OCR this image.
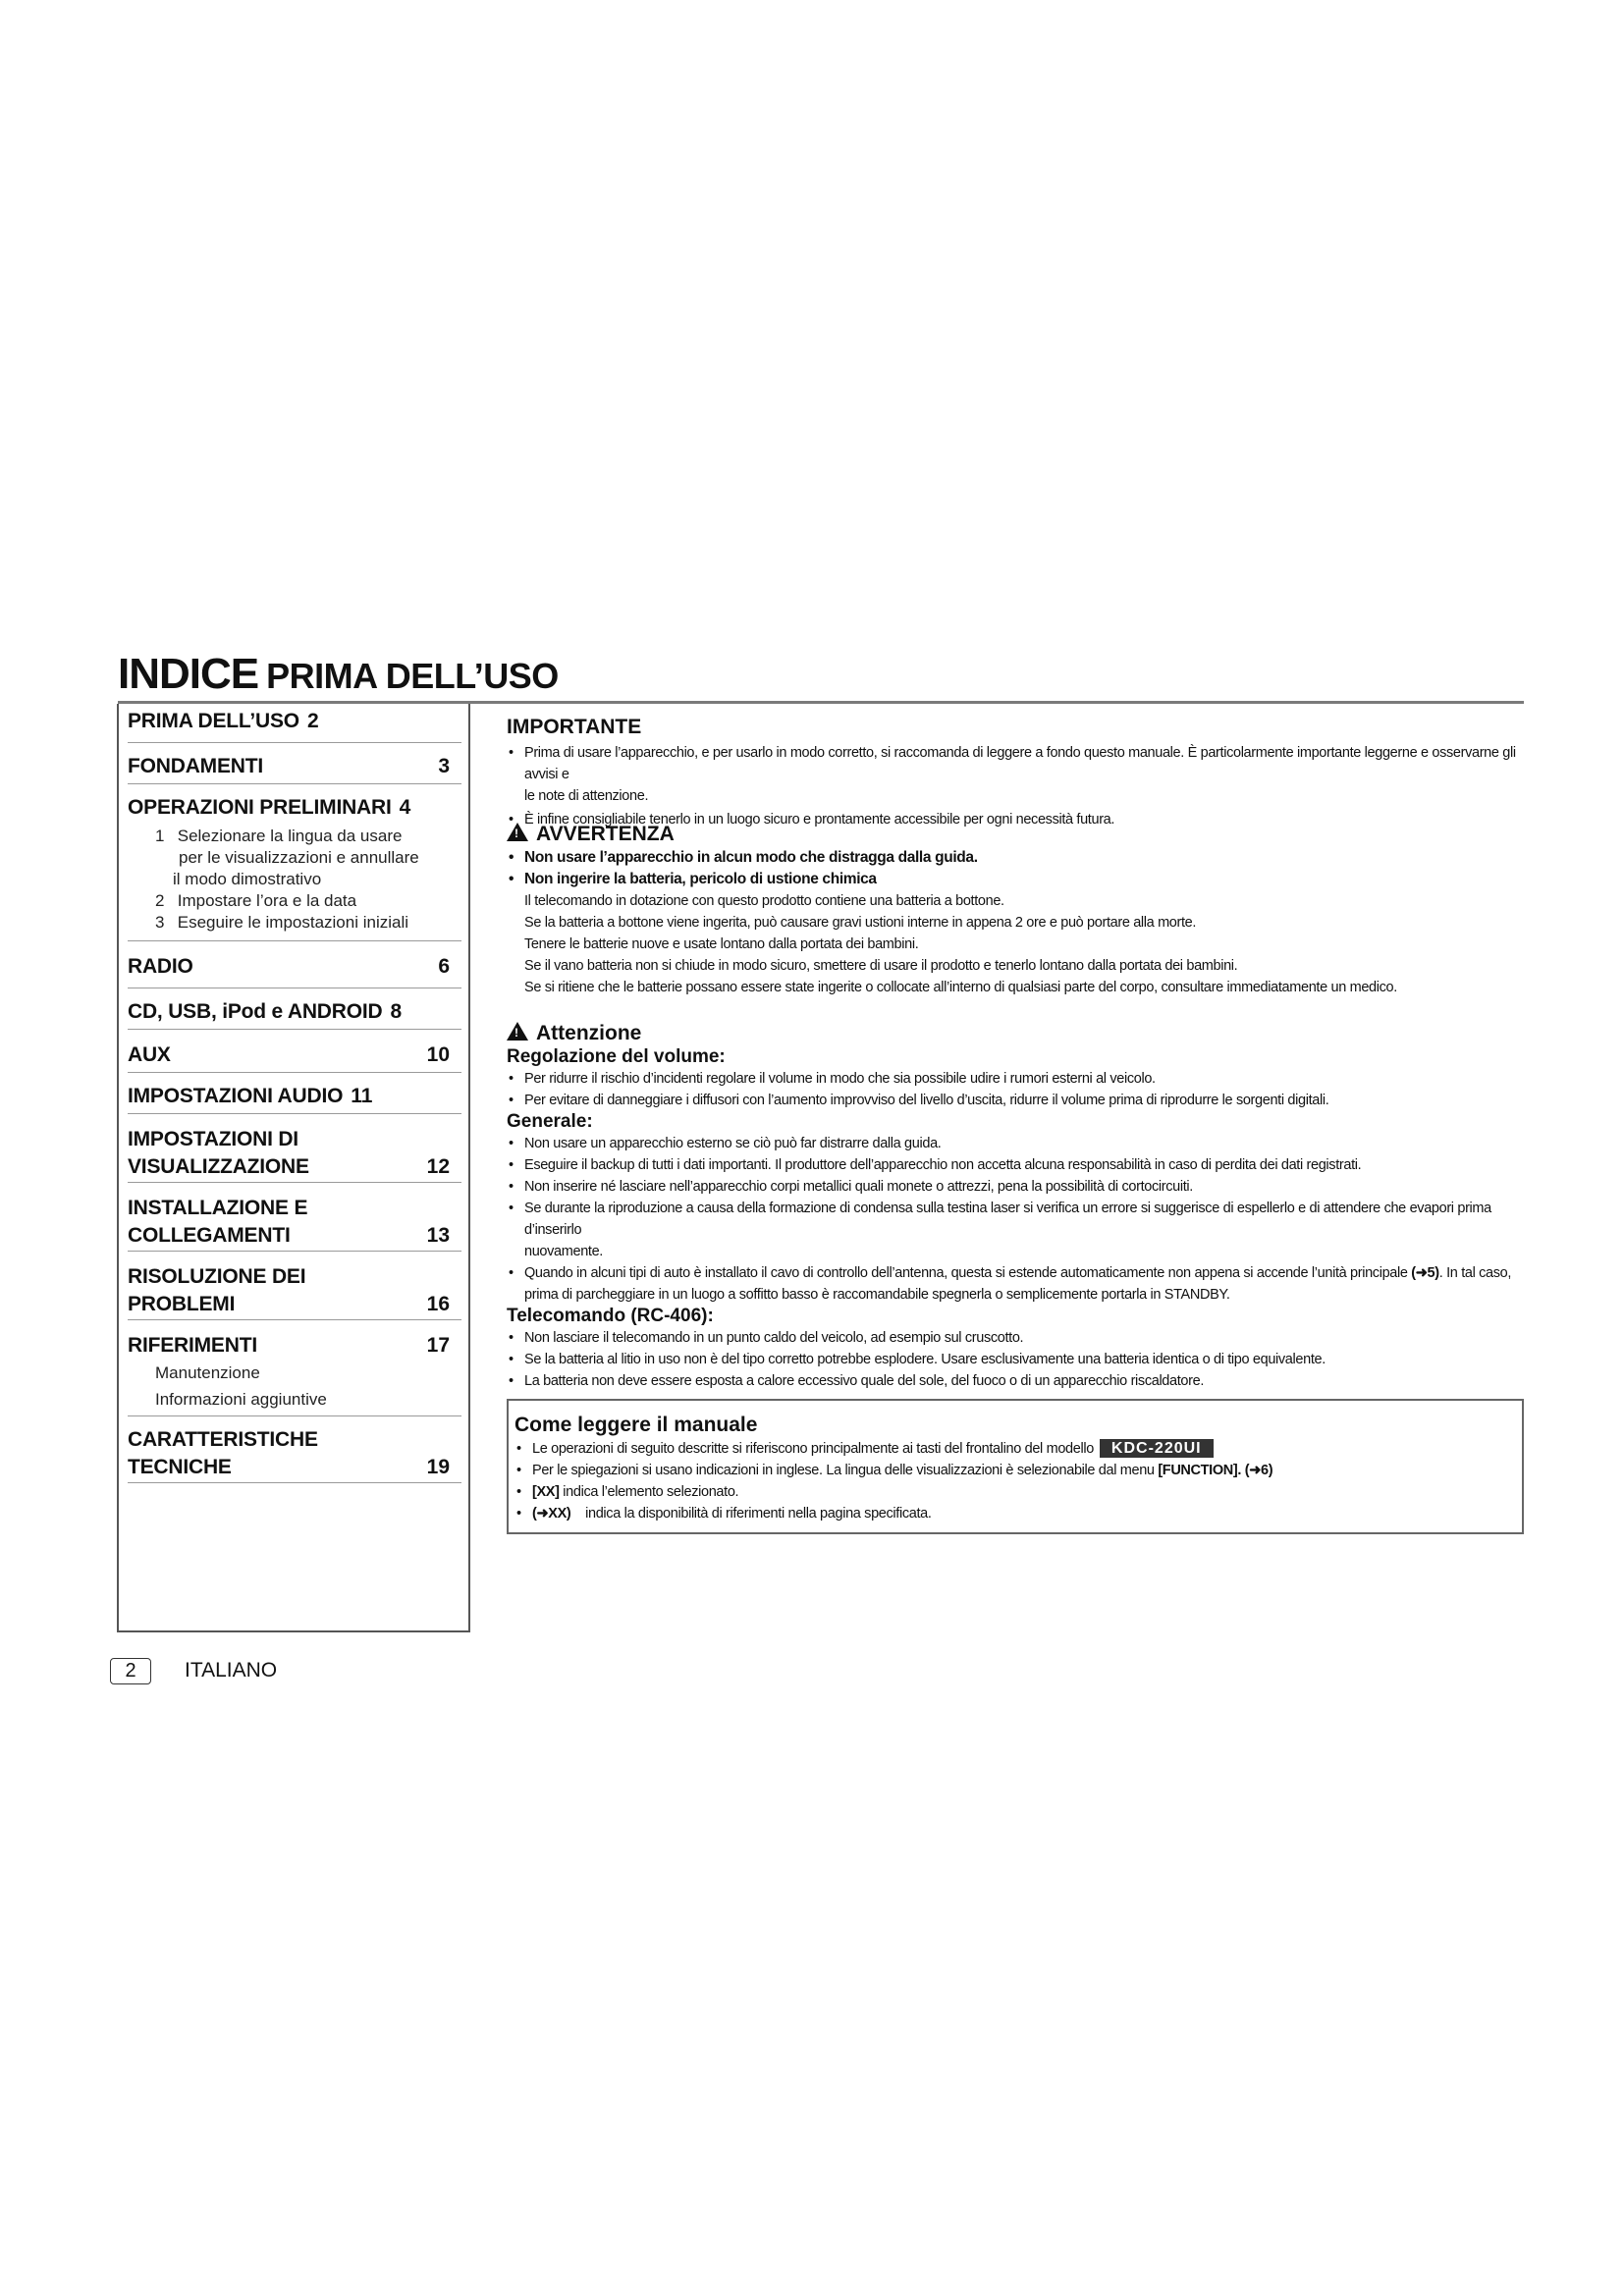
INDICE PRIMA DELL’USO
PRIMA DELL’USO 2
FONDAMENTI	3
OPERAZIONI PRELIMINARI 4
1 Selezionare la lingua da usare
per le visualizzazioni e annullare
il modo dimostrativo
2 Impostare l’ora e la data
3 Eseguire le impostazioni iniziali
RADIO	6
CD, USB, iPod e ANDROID 8
AUX	10
IMPOSTAZIONI AUDIO 11
IMPOSTAZIONI DI
VISUALIZZAZIONE	12
INSTALLAZIONE E
COLLEGAMENTI	13
RISOLUZIONE DEI
PROBLEMI	16
RIFERIMENTI	17
Manutenzione
Informazioni aggiuntive
CARATTERISTICHE
TECNICHE	19
IMPORTANTE
• Prima di usare l’apparecchio, e per usarlo in modo corretto, si raccomanda di leggere a fondo questo manuale. È particolarmente importante leggerne e osservarne gli avvisi e
le note di attenzione.
• È infine consigliabile tenerlo in un luogo sicuro e prontamente accessibile per ogni necessità futura.
!AVVERTENZA
• Non usare l’apparecchio in alcun modo che distragga dalla guida.
• Non ingerire la batteria, pericolo di ustione chimica
Il telecomando in dotazione con questo prodotto contiene una batteria a bottone.
Se la batteria a bottone viene ingerita, può causare gravi ustioni interne in appena 2 ore e può portare alla morte.
Tenere le batterie nuove e usate lontano dalla portata dei bambini.
Se il vano batteria non si chiude in modo sicuro, smettere di usare il prodotto e tenerlo lontano dalla portata dei bambini.
Se si ritiene che le batterie possano essere state ingerite o collocate all’interno di qualsiasi parte del corpo, consultare immediatamente un medico.
!Attenzione
Regolazione del volume:
• Per ridurre il rischio d’incidenti regolare il volume in modo che sia possibile udire i rumori esterni al veicolo.
• Per evitare di danneggiare i diffusori con l’aumento improvviso del livello d’uscita, ridurre il volume prima di riprodurre le sorgenti digitali.
Generale:
• Non usare un apparecchio esterno se ciò può far distrarre dalla guida.
• Eseguire il backup di tutti i dati importanti. Il produttore dell’apparecchio non accetta alcuna responsabilità in caso di perdita dei dati registrati.
• Non inserire né lasciare nell’apparecchio corpi metallici quali monete o attrezzi, pena la possibilità di cortocircuiti.
• Se durante la riproduzione a causa della formazione di condensa sulla testina laser si verifica un errore si suggerisce di espellerlo e di attendere che evapori prima d’inserirlo
nuovamente.
• Quando in alcuni tipi di auto è installato il cavo di controllo dell’antenna, questa si estende automaticamente non appena si accende l’unità principale (➜5). In tal caso,
prima di parcheggiare in un luogo a soffitto basso è raccomandabile spegnerla o semplicemente portarla in STANDBY.
Telecomando (RC-406):
• Non lasciare il telecomando in un punto caldo del veicolo, ad esempio sul cruscotto.
• Se la batteria al litio in uso non è del tipo corretto potrebbe esplodere. Usare esclusivamente una batteria identica o di tipo equivalente.
• La batteria non deve essere esposta a calore eccessivo quale del sole, del fuoco o di un apparecchio riscaldatore.
Come leggere il manuale
• Le operazioni di seguito descritte si riferiscono principalmente ai tasti del frontalino del modello KDC-220UI
• Per le spiegazioni si usano indicazioni in inglese. La lingua delle visualizzazioni è selezionabile dal menu [FUNCTION]. (➜6)
• [XX] indica l’elemento selezionato.
• (➜XX) indica la disponibilità di riferimenti nella pagina specificata.
2 ITALIANO
